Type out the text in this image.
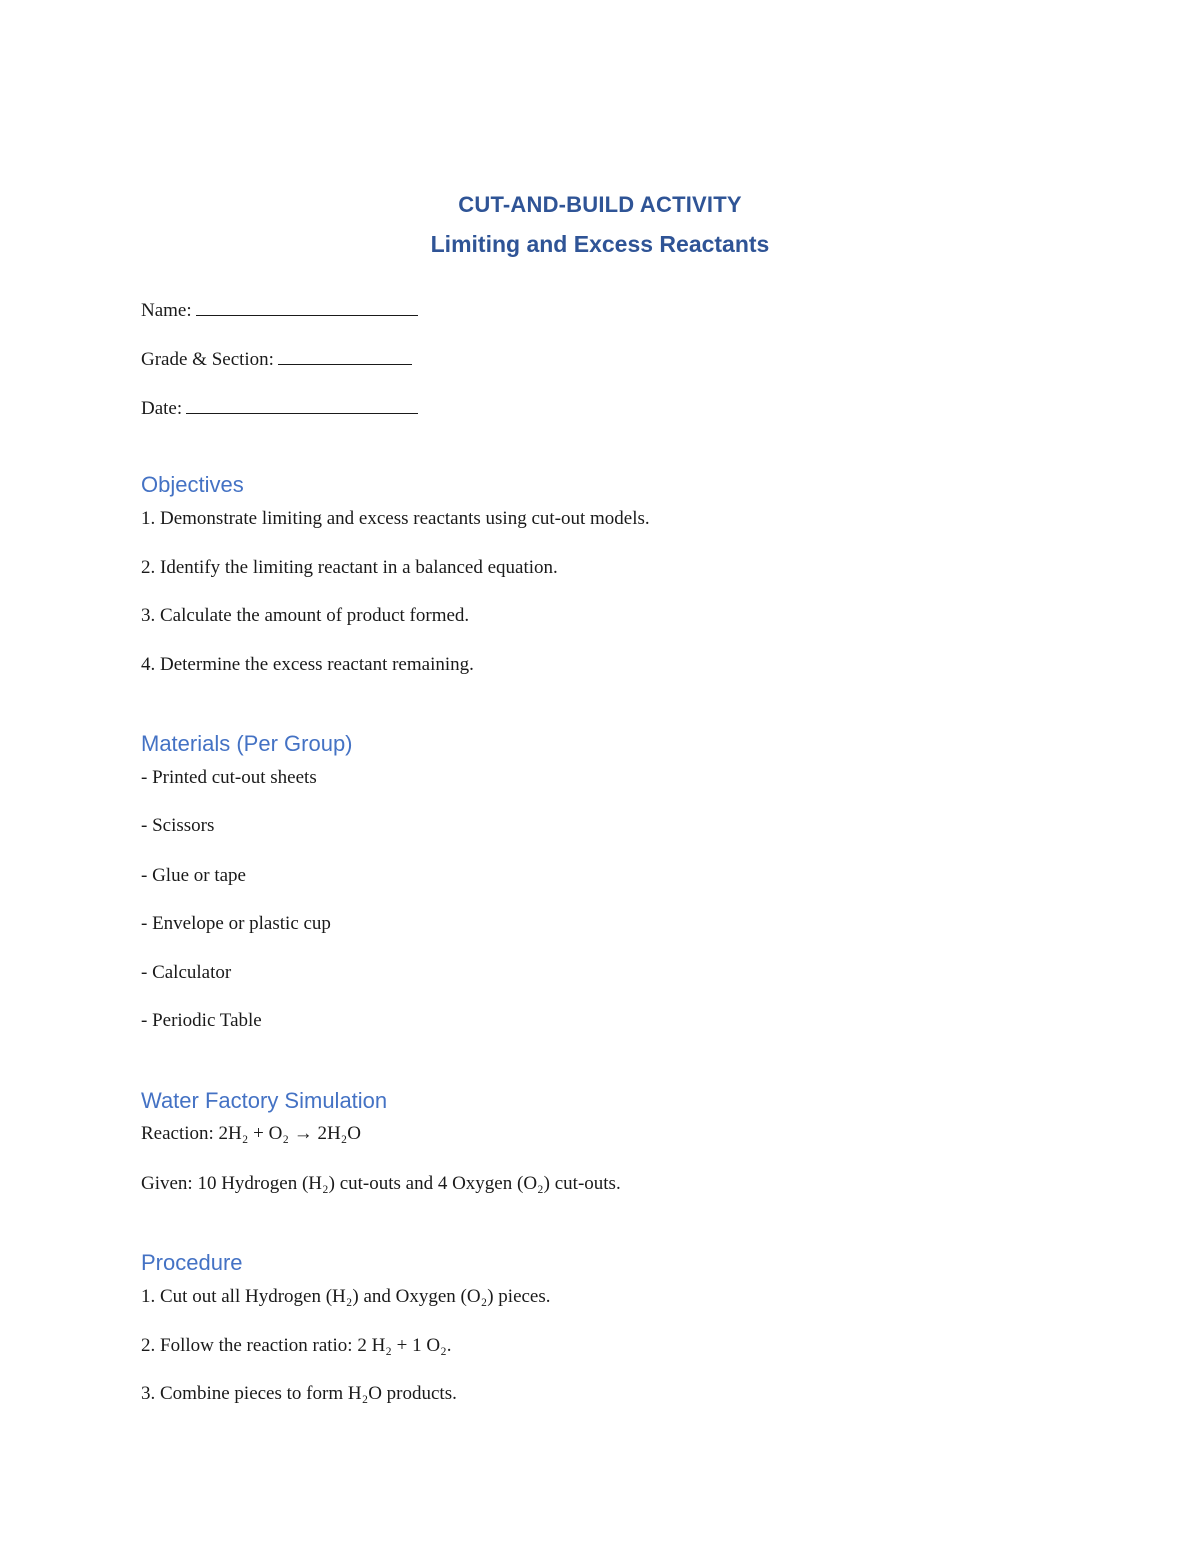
CUT-AND-BUILD ACTIVITY
Limiting and Excess Reactants
Name:
Grade & Section:
Date:
Objectives
1. Demonstrate limiting and excess reactants using cut-out models.
2. Identify the limiting reactant in a balanced equation.
3. Calculate the amount of product formed.
4. Determine the excess reactant remaining.
Materials (Per Group)
- Printed cut-out sheets
- Scissors
- Glue or tape
- Envelope or plastic cup
- Calculator
- Periodic Table
Water Factory Simulation
Reaction: 2H₂ + O₂ → 2H₂O
Given: 10 Hydrogen (H₂) cut-outs and 4 Oxygen (O₂) cut-outs.
Procedure
1. Cut out all Hydrogen (H₂) and Oxygen (O₂) pieces.
2. Follow the reaction ratio: 2 H₂ + 1 O₂.
3. Combine pieces to form H₂O products.
